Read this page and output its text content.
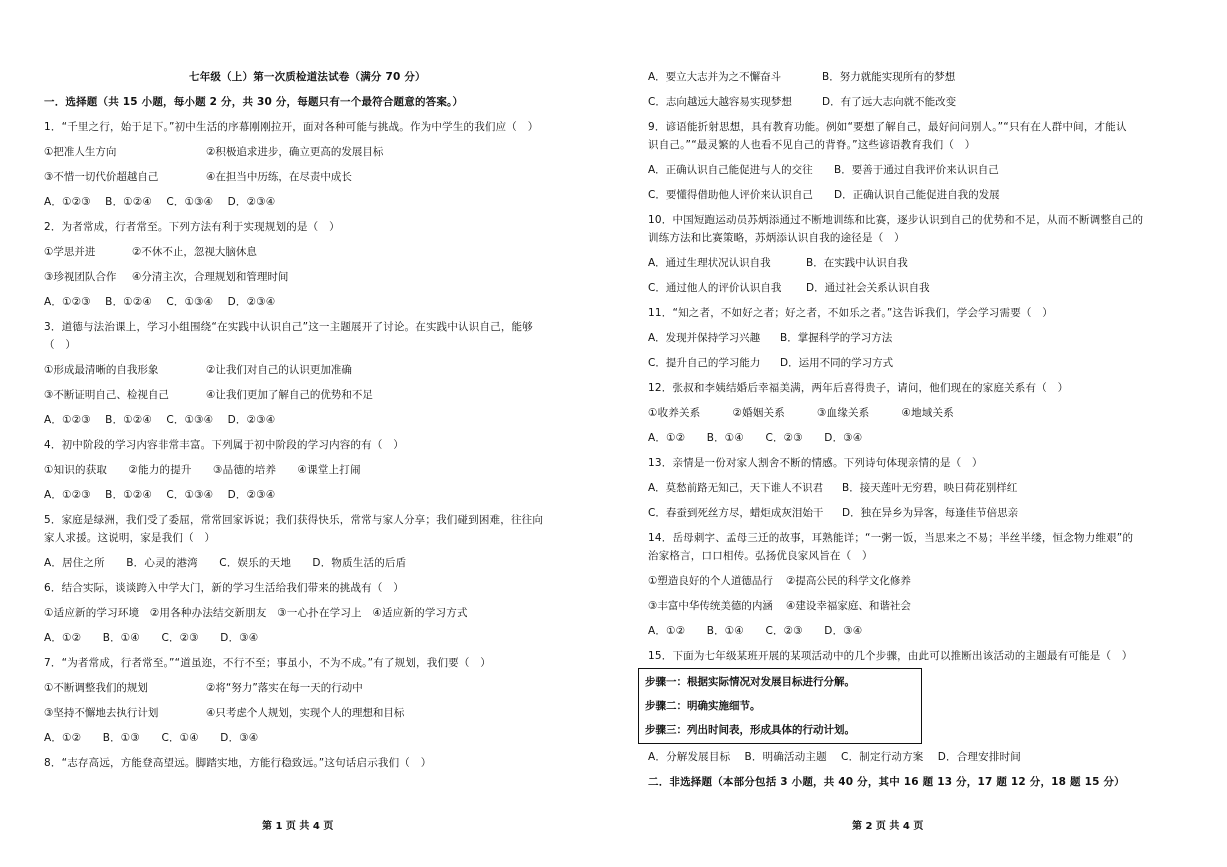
七年级（上）第一次质检道法试卷（满分 70 分）
一．选择题（共 15 小题，每小题 2 分，共 30 分，每题只有一个最符合题意的答案。）
1．“千里之行，始于足下。”初中生活的序幕刚刚拉开，面对各种可能与挑战。作为中学生的我们应（　）
①把准人生方向	②积极追求进步，确立更高的发展目标
③不惜一切代价超越自己	④在担当中历练，在尽责中成长
A．①②③　 B．①②④　 C．①③④　 D．②③④
2．为者常成，行者常至。下列方法有利于实现规划的是（　）
①学思并进	②不休不止，忽视大脑休息
③珍视团队合作 ④分清主次，合理规划和管理时间
A．①②③　 B．①②④　 C．①③④　 D．②③④
3．道德与法治课上，学习小组围绕“在实践中认识自己”这一主题展开了讨论。在实践中认识自己，能够
（　）
①形成最清晰的自我形象	②让我们对自己的认识更加准确
③不断证明自己、检视自己	④让我们更加了解自己的优势和不足
A．①②③　 B．①②④　 C．①③④　 D．②③④
4．初中阶段的学习内容非常丰富。下列属于初中阶段的学习内容的有（　）
①知识的获取　　②能力的提升　　③品德的培养　　④课堂上打闹
A．①②③　 B．①②④　 C．①③④　 D．②③④
5．家庭是绿洲，我们受了委屈，常常回家诉说；我们获得快乐，常常与家人分享；我们碰到困难，往往向
家人求援。这说明，家是我们（　）
A．居住之所　　B．心灵的港湾　　C．娱乐的天地　　D．物质生活的后盾
6．结合实际，谈谈跨入中学大门，新的学习生活给我们带来的挑战有（　）
①适应新的学习环境　②用各种办法结交新朋友　③一心扑在学习上　④适应新的学习方式
A．①②　　B．①④　　C．②③　　D．③④
7．“为者常成，行者常至。”“道虽迩，不行不至；事虽小，不为不成。”有了规划，我们要（　）
①不断调整我们的规划	②将“努力”落实在每一天的行动中
③坚持不懈地去执行计划	④只考虑个人规划，实现个人的理想和目标
A．①②　　B．①③　　C．①④　　D．③④
8．“志存高远，方能登高望远。脚踏实地，方能行稳致远。”这句话启示我们（　）
第 1 页 共 4 页
A．要立大志并为之不懈奋斗	B．努力就能实现所有的梦想
C．志向越远大越容易实现梦想	D．有了远大志向就不能改变
9．谚语能折射思想，具有教育功能。例如“要想了解自己，最好问问别人。”“只有在人群中间，才能认
识自己。”“最灵繁的人也看不见自己的背脊。”这些谚语教育我们（　）
A．正确认识自己能促进与人的交往 B．要善于通过自我评价来认识自己
C．要懂得借助他人评价来认识自己 D．正确认识自己能促进自我的发展
10．中国短跑运动员苏炳添通过不断地训练和比赛，逐步认识到自己的优势和不足，从而不断调整自己的
训练方法和比赛策略，苏炳添认识自我的途径是（　）
A．通过生理状况认识自我	B．在实践中认识自我
C．通过他人的评价认识自我 D．通过社会关系认识自我
11．“知之者，不如好之者；好之者，不如乐之者。”这告诉我们，学会学习需要（　）
A．发现并保持学习兴趣 B．掌握科学的学习方法
C．提升自己的学习能力 D．运用不同的学习方式
12．张叔和李姨结婚后幸福美满，两年后喜得贵子，请问，他们现在的家庭关系有（　）
①收养关系　　　②婚姻关系　　　③血缘关系　　　④地域关系
A．①②　　B．①④　　C．②③　　D．③④
13．亲情是一份对家人割舍不断的情感。下列诗句体现亲情的是（　）
A．莫愁前路无知己，天下谁人不识君 B．接天莲叶无穷碧，映日荷花别样红
C．春蚕到死丝方尽，蜡炬成灰泪始干 D．独在异乡为异客，每逢佳节倍思亲
14．岳母刺字、孟母三迁的故事，耳熟能详；“一粥一饭，当思来之不易；半丝半缕，恒念物力维艰”的
治家格言，口口相传。弘扬优良家风旨在（　）
①塑造良好的个人道德品行 ②提高公民的科学文化修养
③丰富中华传统美德的内涵 ④建设幸福家庭、和谐社会
A．①②　　B．①④　　C．②③　　D．③④
15．下面为七年级某班开展的某项活动中的几个步骤，由此可以推断出该活动的主题最有可能是（　）
步骤一：根据实际情况对发展目标进行分解。
步骤二：明确实施细节。
步骤三：列出时间表，形成具体的行动计划。
A．分解发展目标　 B．明确活动主题　 C．制定行动方案　 D．合理安排时间
二．非选择题（本部分包括 3 小题，共 40 分，其中 16 题 13 分，17 题 12 分，18 题 15 分）
第 2 页 共 4 页
